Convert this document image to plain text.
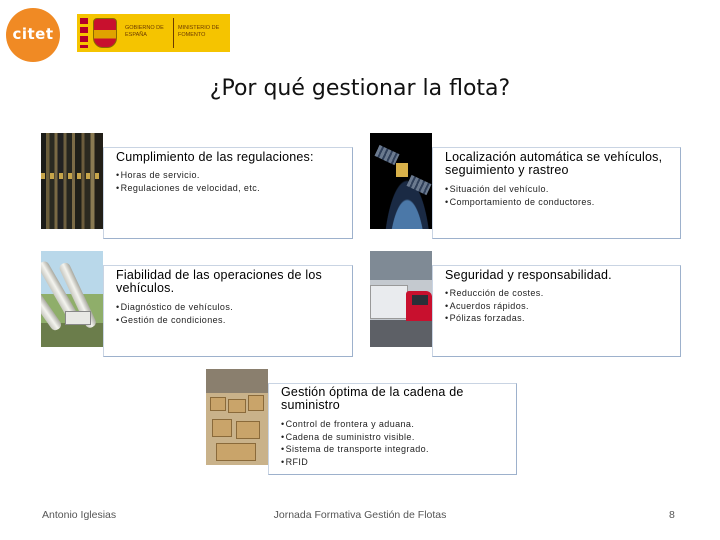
citet	GOBIERNO DE ESPAÑA
MINISTERIO DE FOMENTO
¿Por qué gestionar la flota?
Cumplimiento de las regulaciones:
• Horas de servicio.
• Regulaciones de velocidad, etc.
Localización automática se vehículos, seguimiento y rastreo
• Situación del vehículo.
• Comportamiento de conductores.
Fiabilidad de las operaciones de los vehículos.
• Diagnóstico de vehículos.
• Gestión de condiciones.
Seguridad y responsabilidad.
• Reducción de costes.
• Acuerdos rápidos.
• Pólizas forzadas.
Gestión óptima de la cadena de suministro
• Control de frontera y aduana.
• Cadena de suministro visible.
• Sistema de transporte integrado.
• RFID
Antonio Iglesias	Jornada Formativa Gestión de Flotas	8
